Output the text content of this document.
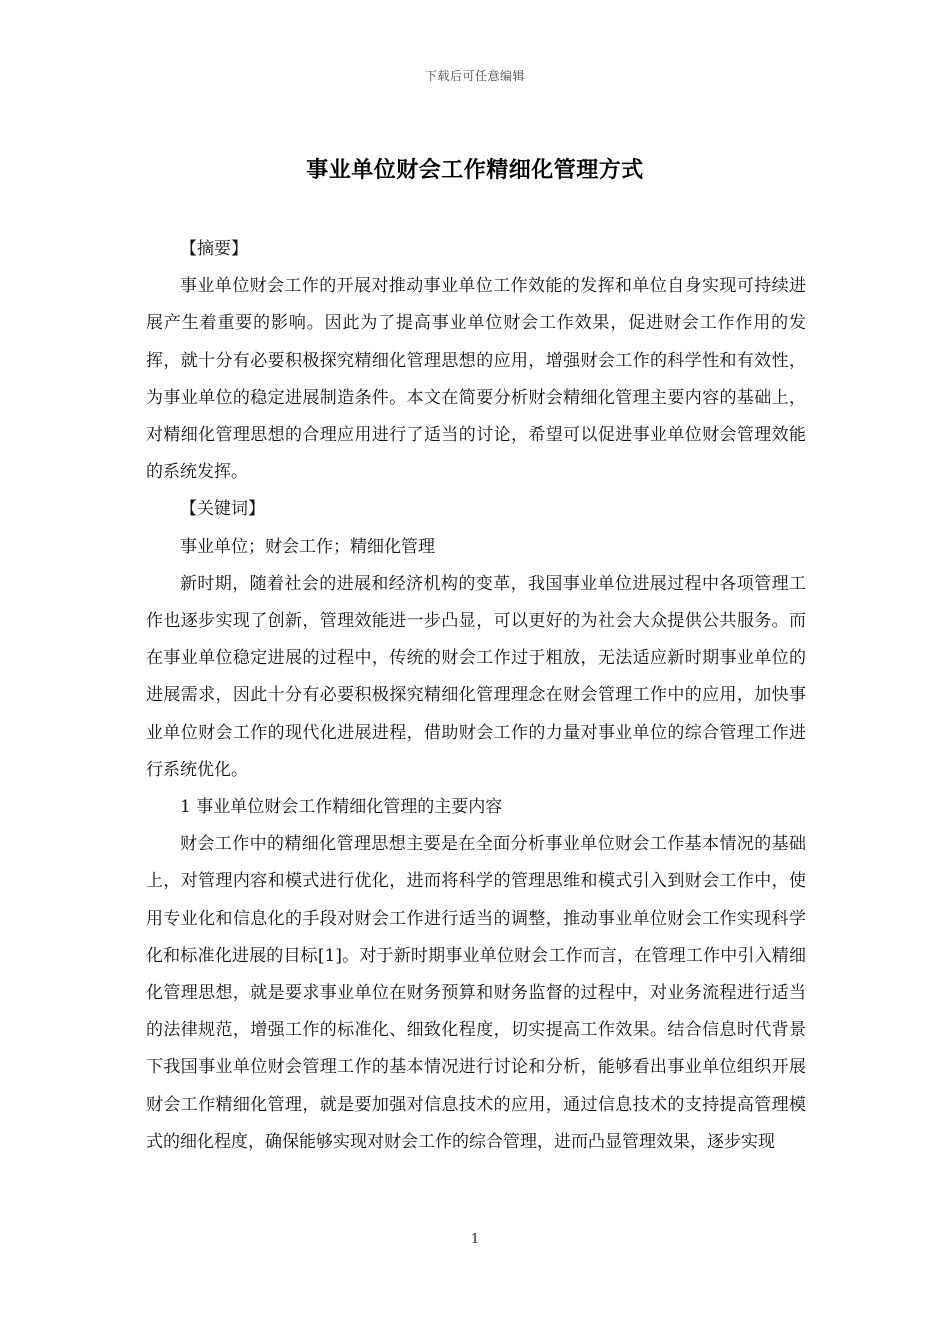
下载后可任意编辑
事业单位财会工作精细化管理方式

【摘要】

事业单位财会工作的开展对推动事业单位工作效能的发挥和单位自身实现可持续进展产生着重要的影响。因此为了提高事业单位财会工作效果，促进财会工作作用的发挥，就十分有必要积极探究精细化管理思想的应用，增强财会工作的科学性和有效性，为事业单位的稳定进展制造条件。本文在简要分析财会精细化管理主要内容的基础上，对精细化管理思想的合理应用进行了适当的讨论，希望可以促进事业单位财会管理效能的系统发挥。

【关键词】

事业单位；财会工作；精细化管理

新时期，随着社会的进展和经济机构的变革，我国事业单位进展过程中各项管理工作也逐步实现了创新，管理效能进一步凸显，可以更好的为社会大众提供公共服务。而在事业单位稳定进展的过程中，传统的财会工作过于粗放，无法适应新时期事业单位的进展需求，因此十分有必要积极探究精细化管理理念在财会管理工作中的应用，加快事业单位财会工作的现代化进展进程，借助财会工作的力量对事业单位的综合管理工作进行系统优化。

1 事业单位财会工作精细化管理的主要内容

财会工作中的精细化管理思想主要是在全面分析事业单位财会工作基本情况的基础上，对管理内容和模式进行优化，进而将科学的管理思维和模式引入到财会工作中，使用专业化和信息化的手段对财会工作进行适当的调整，推动事业单位财会工作实现科学化和标准化进展的目标[1]。对于新时期事业单位财会工作而言，在管理工作中引入精细化管理思想，就是要求事业单位在财务预算和财务监督的过程中，对业务流程进行适当的法律规范，增强工作的标准化、细致化程度，切实提高工作效果。结合信息时代背景下我国事业单位财会管理工作的基本情况进行讨论和分析，能够看出事业单位组织开展财会工作精细化管理，就是要加强对信息技术的应用，通过信息技术的支持提高管理模式的细化程度，确保能够实现对财会工作的综合管理，进而凸显管理效果，逐步实现

1
